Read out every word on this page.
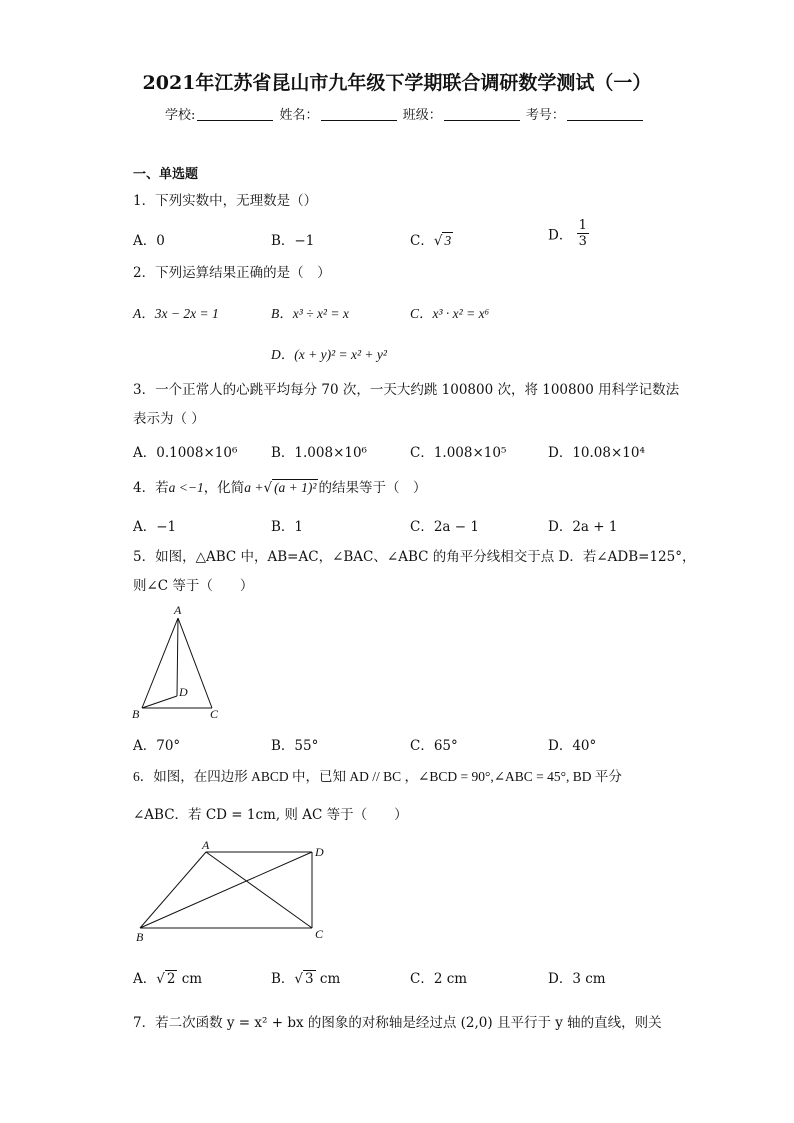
2021年江苏省昆山市九年级下学期联合调研数学测试（一）
学校:	姓名：	班级：	考号：
一、单选题
1．下列实数中，无理数是（）
A．0	B．−1	C．√ 3	D． $\frac{1}{3}$
2．下列运算结果正确的是（　）
A．3x − 2x = 1	B．x³ ÷ x² = x	C．x³ · x² = x⁶
D．(x + y)² = x² + y²
3．一个正常人的心跳平均每分 70 次，一天大约跳 100800 次，将 100800 用科学记数法
表示为（ ）
A．0.1008×10⁶ B．1.008×10⁶	C．1.008×10⁵	D．10.08×10⁴
4．若a <−1，化简a +√ (a + 1)² 的结果等于（　）
A．−1	B．1	C．2a − 1	D．2a + 1
5．如图，△ABC 中，AB=AC，∠BAC、∠ABC 的角平分线相交于点 D．若∠ADB=125°，
则∠C 等于（　　）
A
B	C
D
A．70°	B．55°	C．65°	D．40°
6．如图，在四边形 ABCD 中，已知 AD // BC ，∠BCD = 90°,∠ABC = 45°, BD 平分
∠ABC．若 CD = 1cm, 则 AC 等于（　　）
A	D
B	C
A．√ 2 cm	B．√ 3 cm	C．2 cm	D．3 cm
7．若二次函数 y = x² + bx 的图象的对称轴是经过点 (2,0) 且平行于 y 轴的直线，则关
